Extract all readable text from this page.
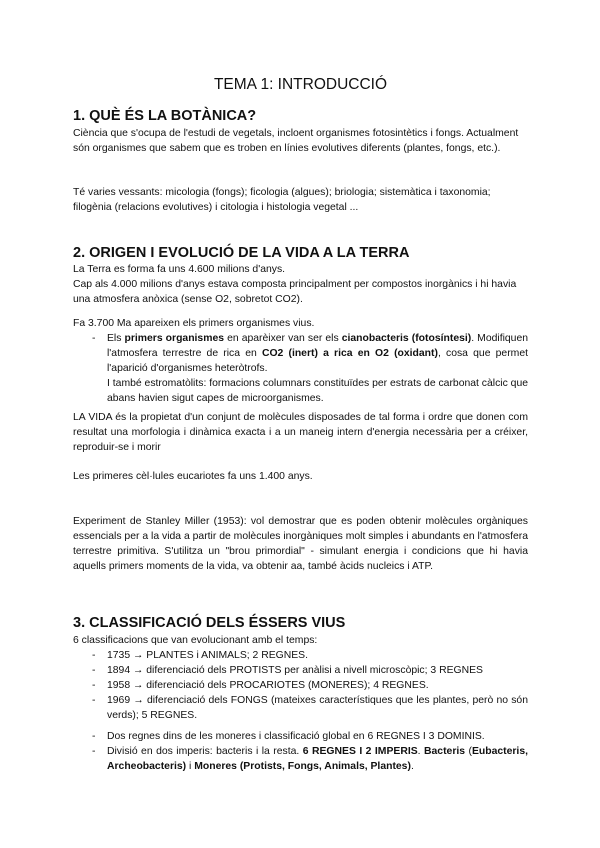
TEMA 1: INTRODUCCIÓ
1. QUÈ ÉS LA BOTÀNICA?

Ciència que s'ocupa de l'estudi de vegetals, incloent organismes fotosintètics i fongs. Actualment són organismes que sabem que es troben en línies evolutives diferents (plantes, fongs, etc.).

Té varies vessants: micologia (fongs); ficologia (algues); briologia; sistemàtica i taxonomia; filogènia (relacions evolutives) i citologia i histologia vegetal ...

2. ORIGEN I EVOLUCIÓ DE LA VIDA A LA TERRA

La Terra es forma fa uns 4.600 milions d'anys.

Cap als 4.000 milions d'anys estava composta principalment per compostos inorgànics i hi havia una atmosfera anòxica (sense O2, sobretot CO2).

Fa 3.700 Ma apareixen els primers organismes vius.

- Els primers organismes en aparèixer van ser els cianobacteris (fotosíntesi). Modifiquen l'atmosfera terrestre de rica en CO2 (inert) a rica en O2 (oxidant), cosa que permet l'aparició d'organismes heteròtrofs.
I també estromatòlits: formacions columnars constituïdes per estrats de carbonat càlcic que abans havien sigut capes de microorganismes.

LA VIDA és la propietat d'un conjunt de molècules disposades de tal forma i ordre que donen com resultat una morfologia i dinàmica exacta i a un maneig intern d'energia necessària per a créixer, reproduir-se i morir

Les primeres cèl·lules eucariotes fa uns 1.400 anys.

Experiment de Stanley Miller (1953): vol demostrar que es poden obtenir molècules orgàniques essencials per a la vida a partir de molècules inorgàniques molt simples i abundants en l'atmosfera terrestre primitiva. S'utilitza un "brou primordial" - simulant energia i condicions que hi havia aquells primers moments de la vida, va obtenir aa, també àcids nucleics i ATP.

3. CLASSIFICACIÓ DELS ÉSSERS VIUS

6 classificacions que van evolucionant amb el temps:

- 1735 → PLANTES i ANIMALS; 2 REGNES.
- 1894 → diferenciació dels PROTISTS per anàlisi a nivell microscòpic; 3 REGNES
- 1958 → diferenciació dels PROCARIOTES (MONERES); 4 REGNES.
- 1969 → diferenciació dels FONGS (mateixes característiques que les plantes, però no són verds); 5 REGNES.
- Dos regnes dins de les moneres i classificació global en 6 REGNES I 3 DOMINIS.
- Divisió en dos imperis: bacteris i la resta. 6 REGNES I 2 IMPERIS. Bacteris (Eubacteris, Archeobacteris) i Moneres (Protists, Fongs, Animals, Plantes).
